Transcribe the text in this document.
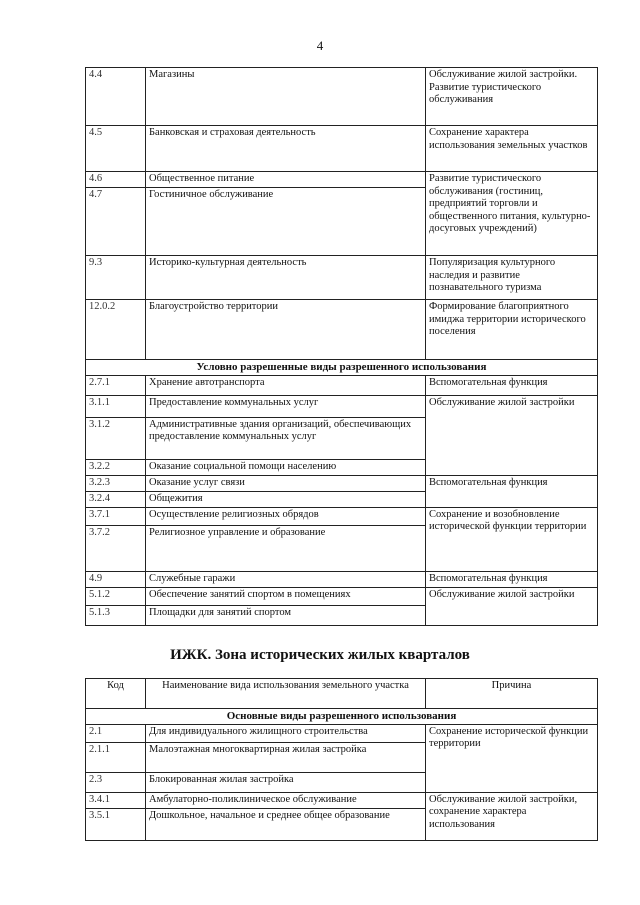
4
4.4	Магазины	Обслуживание жилой застройки. Развитие туристического обслуживания
4.5	Банковская и страховая деятельность	Сохранение характера использования земельных участков
4.6	Общественное питание	Развитие туристического обслуживания (гостиниц, предприятий торговли и общественного питания, культурно-досуговых учреждений)
4.7	Гостиничное обслуживание	
9.3	Историко-культурная деятельность	Популяризация культурного наследия и развитие познавательного туризма
12.0.2	Благоустройство территории	Формирование благоприятного имиджа территории исторического поселения
Условно разрешенные виды разрешенного использования		
2.7.1	Хранение автотранспорта	Вспомогательная функция
3.1.1	Предоставление коммунальных услуг	Обслуживание жилой застройки
3.1.2	Административные здания организаций, обеспечивающих предоставление коммунальных услуг	
3.2.2	Оказание социальной помощи населению	
3.2.3	Оказание услуг связи	Вспомогательная функция
3.2.4	Общежития	
3.7.1	Осуществление религиозных обрядов	Сохранение и возобновление исторической функции территории
3.7.2	Религиозное управление и образование	
4.9	Служебные гаражи	Вспомогательная функция
5.1.2	Обеспечение занятий спортом в помещениях	Обслуживание жилой застройки
5.1.3	Площадки для занятий спортом	
ИЖК. Зона исторических жилых кварталов
Код	Наименование вида использования земельного участка	Причина
Основные виды разрешенного использования		
2.1	Для индивидуального жилищного строительства	Сохранение исторической функции территории
2.1.1	Малоэтажная многоквартирная жилая застройка	
2.3	Блокированная жилая застройка	
3.4.1	Амбулаторно-поликлиническое обслуживание	Обслуживание жилой застройки, сохранение характера использования
3.5.1	Дошкольное, начальное и среднее общее образование	
